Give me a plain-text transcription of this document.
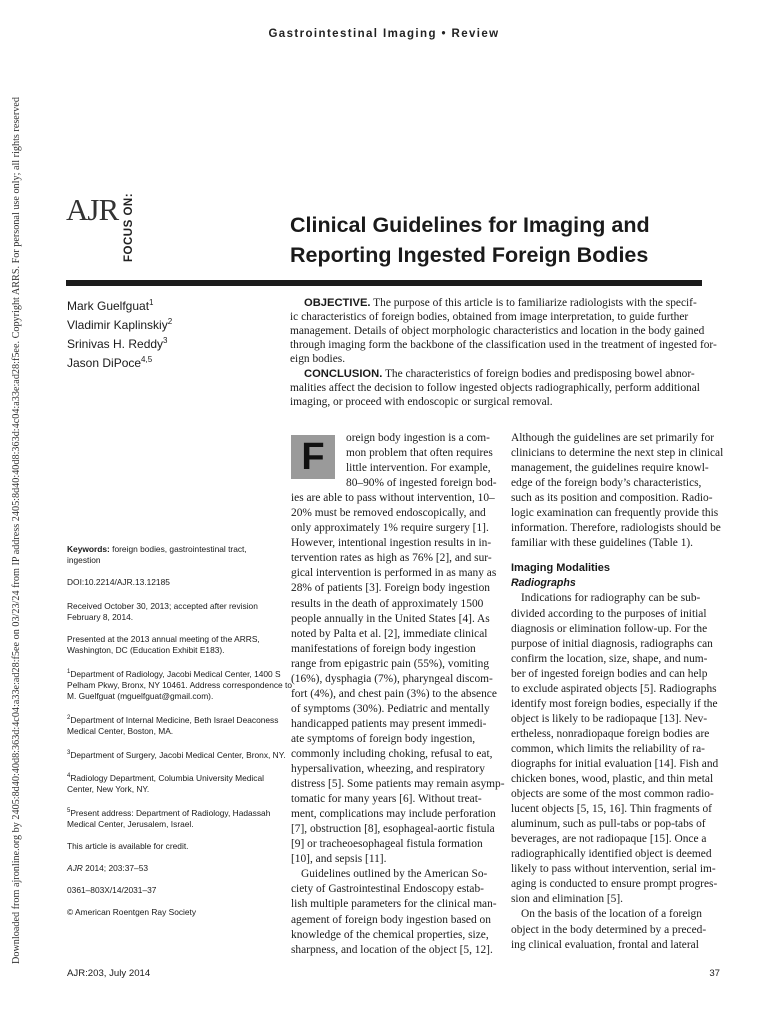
Downloaded from ajronline.org by 2405:8d40:40d8:363d:4c04:a33e:ad28:f5ee on 03/23/24 from IP address 2405:8d40:40d8:363d:4c04:a33e:ad28:f5ee. Copyright ARRS. For personal use only; all rights reserved
Gastrointestinal Imaging • Review
AJR FOCUS ON:	Clinical Guidelines for Imaging and
Reporting Ingested Foreign Bodies
Mark Guelfguat$^1$
Vladimir Kaplinskiy$^2$
Srinivas H. Reddy$^3$
Jason DiPoce$^{4,5}$
OBJECTIVE. The purpose of this article is to familiarize radiologists with the specif-
ic characteristics of foreign bodies, obtained from image interpretation, to guide further
management. Details of object morphologic characteristics and location in the body gained
through imaging form the backbone of the classification used in the treatment of ingested for-
eign bodies.
CONCLUSION. The characteristics of foreign bodies and predisposing bowel abnor-
malities affect the decision to follow ingested objects radiographically, perform additional
imaging, or proceed with endoscopic or surgical removal.
Keywords: foreign bodies, gastrointestinal tract,
ingestion
DOI:10.2214/AJR.13.12185
Received October 30, 2013; accepted after revision
February 8, 2014.
Presented at the 2013 annual meeting of the ARRS,
Washington, DC (Education Exhibit E183).
$^1$Department of Radiology, Jacobi Medical Center, 1400 S
Pelham Pkwy, Bronx, NY 10461. Address correspondence to
M. Guelfguat (mguelfguat@gmail.com).
$^2$Department of Internal Medicine, Beth Israel Deaconess
Medical Center, Boston, MA.
$^3$Department of Surgery, Jacobi Medical Center, Bronx, NY.
$^4$Radiology Department, Columbia University Medical
Center, New York, NY.
$^5$Present address: Department of Radiology, Hadassah
Medical Center, Jerusalem, Israel.
This article is available for credit.
AJR 2014; 203:37–53
0361–803X/14/2031–37
© American Roentgen Ray Society
F	oreign body ingestion is a com-
mon problem that often requires
little intervention. For example,
80–90% of ingested foreign bod-
ies are able to pass without intervention, 10–
20% must be removed endoscopically, and
only approximately 1% require surgery [1].
However, intentional ingestion results in in-
tervention rates as high as 76% [2], and sur-
gical intervention is performed in as many as
28% of patients [3]. Foreign body ingestion
results in the death of approximately 1500
people annually in the United States [4]. As
noted by Palta et al. [2], immediate clinical
manifestations of foreign body ingestion
range from epigastric pain (55%), vomiting
(16%), dysphagia (7%), pharyngeal discom-
fort (4%), and chest pain (3%) to the absence
of symptoms (30%). Pediatric and mentally
handicapped patients may present immedi-
ate symptoms of foreign body ingestion,
commonly including choking, refusal to eat,
hypersalivation, wheezing, and respiratory
distress [5]. Some patients may remain asymp-
tomatic for many years [6]. Without treat-
ment, complications may include perforation
[7], obstruction [8], esophageal-aortic fistula
[9] or tracheoesophageal fistula formation
[10], and sepsis [11].
Guidelines outlined by the American So-
ciety of Gastrointestinal Endoscopy estab-
lish multiple parameters for the clinical man-
agement of foreign body ingestion based on
knowledge of the chemical properties, size,
sharpness, and location of the object [5, 12].
Although the guidelines are set primarily for
clinicians to determine the next step in clinical
management, the guidelines require knowl-
edge of the foreign body’s characteristics,
such as its position and composition. Radio-
logic examination can frequently provide this
information. Therefore, radiologists should be
familiar with these guidelines (Table 1).
Imaging Modalities
Radiographs
Indications for radiography can be sub-
divided according to the purposes of initial
diagnosis or elimination follow-up. For the
purpose of initial diagnosis, radiographs can
confirm the location, size, shape, and num-
ber of ingested foreign bodies and can help
to exclude aspirated objects [5]. Radiographs
identify most foreign bodies, especially if the
object is likely to be radiopaque [13]. Nev-
ertheless, nonradiopaque foreign bodies are
common, which limits the reliability of ra-
diographs for initial evaluation [14]. Fish and
chicken bones, wood, plastic, and thin metal
objects are some of the most common radio-
lucent objects [5, 15, 16]. Thin fragments of
aluminum, such as pull-tabs or pop-tabs of
beverages, are not radiopaque [15]. Once a
radiographically identified object is deemed
likely to pass without intervention, serial im-
aging is conducted to ensure prompt progres-
sion and elimination [5].
On the basis of the location of a foreign
object in the body determined by a preced-
ing clinical evaluation, frontal and lateral
AJR:203, July 2014	37
